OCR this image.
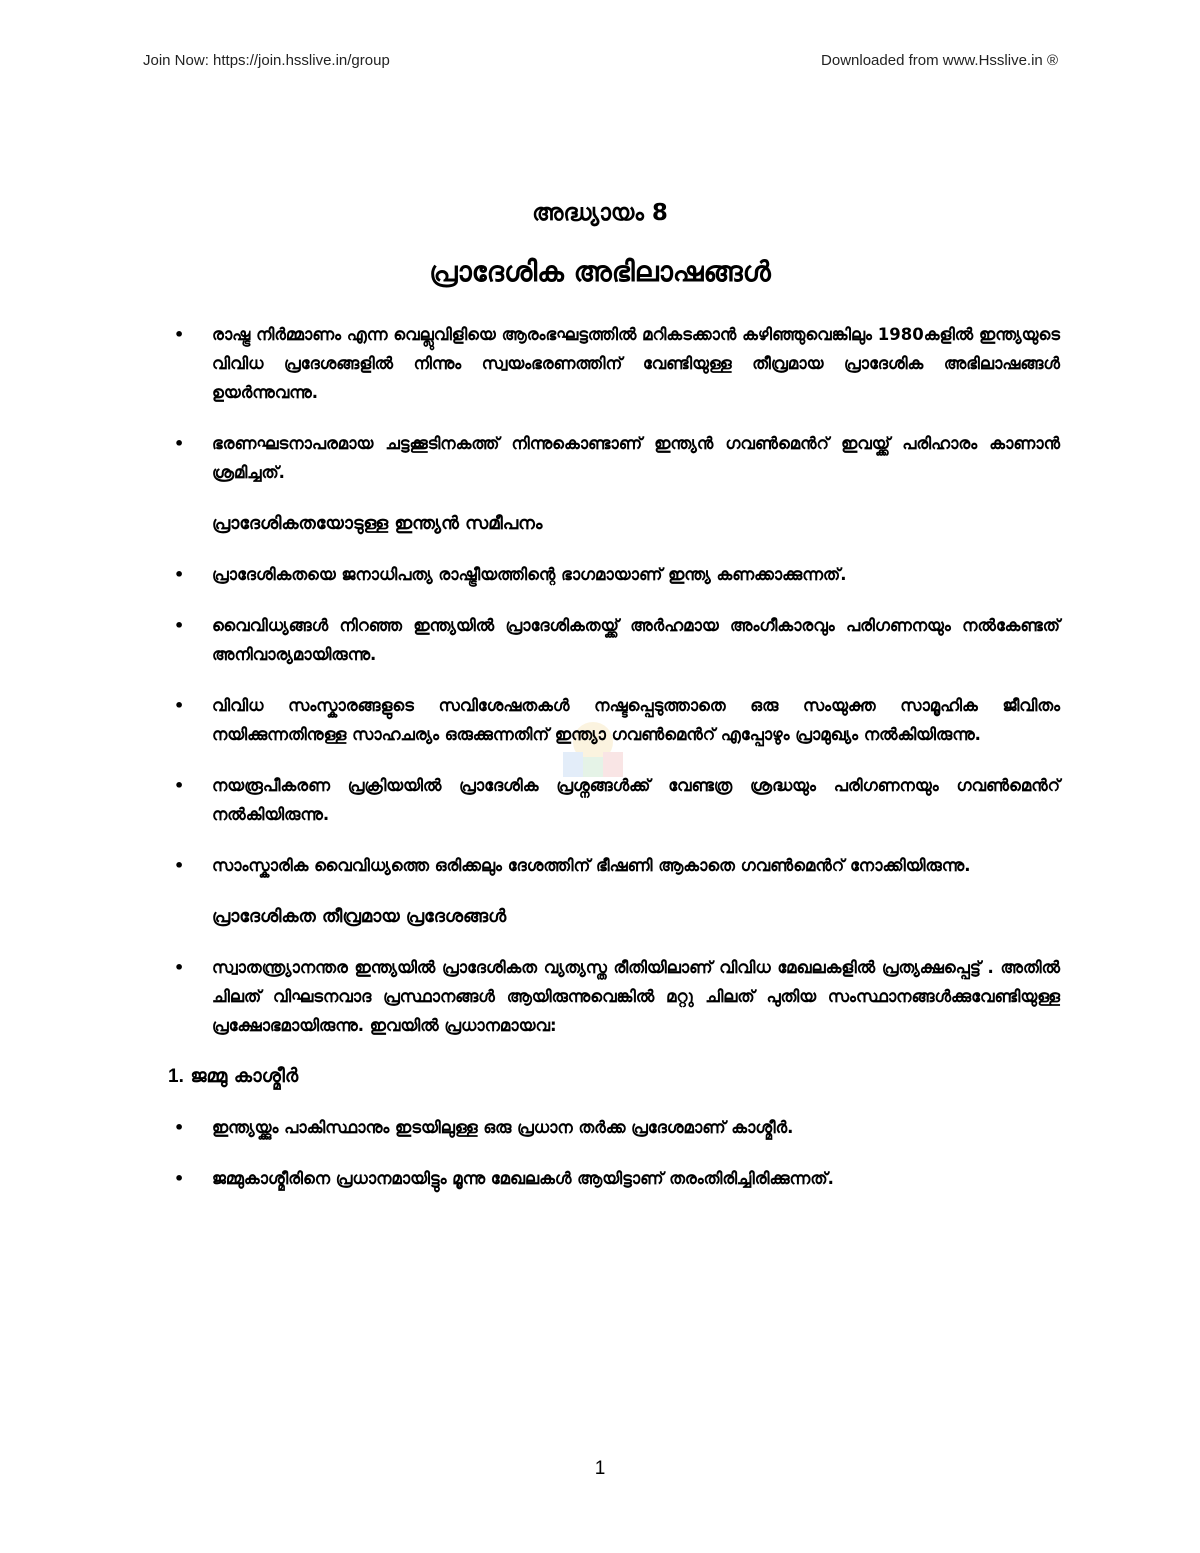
Join Now: https://join.hsslive.in/group	Downloaded from www.Hsslive.in ®
അദ്ധ്യായം 8
പ്രാദേശിക അഭിലാഷങ്ങൾ
• രാഷ്ട്ര നിർമ്മാണം എന്ന വെല്ലുവിളിയെ ആരംഭഘട്ടത്തിൽ മറികടക്കാൻ കഴിഞ്ഞുവെങ്കിലും 1980കളിൽ ഇന്ത്യയുടെ വിവിധ പ്രദേശങ്ങളിൽ നിന്നും സ്വയംഭരണത്തിന് വേണ്ടിയുള്ള തീവ്രമായ പ്രാദേശിക അഭിലാഷങ്ങൾ ഉയർന്നുവന്നു.
• ഭരണഘടനാപരമായ ചട്ടക്കൂടിനകത്ത് നിന്നുകൊണ്ടാണ് ഇന്ത്യൻ ഗവൺമെൻറ് ഇവയ്ക്ക് പരിഹാരം കാണാൻ ശ്രമിച്ചത്.
പ്രാദേശികതയോടുള്ള ഇന്ത്യൻ സമീപനം
• പ്രാദേശികതയെ ജനാധിപത്യ രാഷ്ട്രീയത്തിന്റെ ഭാഗമായാണ് ഇന്ത്യ കണക്കാക്കുന്നത്.
• വൈവിധ്യങ്ങൾ നിറഞ്ഞ ഇന്ത്യയിൽ പ്രാദേശികതയ്ക്ക് അർഹമായ അംഗീകാരവും പരിഗണനയും നൽകേണ്ടത് അനിവാര്യമായിരുന്നു.
• വിവിധ സംസ്കാരങ്ങളുടെ സവിശേഷതകൾ നഷ്ടപ്പെടുത്താതെ ഒരു സംയുക്ത സാമൂഹിക ജീവിതം നയിക്കുന്നതിനുള്ള സാഹചര്യം ഒരുക്കുന്നതിന് ഇന്ത്യാ ഗവൺമെൻറ് എപ്പോഴും പ്രാമുഖ്യം നൽകിയിരുന്നു.
• നയരൂപീകരണ പ്രക്രിയയിൽ പ്രാദേശിക പ്രശ്നങ്ങൾക്ക് വേണ്ടത്ര ശ്രദ്ധയും പരിഗണനയും ഗവൺമെൻറ് നൽകിയിരുന്നു.
• സാംസ്കാരിക വൈവിധ്യത്തെ ഒരിക്കലും ദേശത്തിന് ഭീഷണി ആകാതെ ഗവൺമെൻറ് നോക്കിയിരുന്നു.
പ്രാദേശികത തീവ്രമായ പ്രദേശങ്ങൾ
• സ്വാതന്ത്ര്യാനന്തര ഇന്ത്യയിൽ പ്രാദേശികത വ്യത്യസ്ത രീതിയിലാണ് വിവിധ മേഖലകളിൽ പ്രത്യക്ഷപ്പെട്ട് . അതിൽ ചിലത് വിഘടനവാദ പ്രസ്ഥാനങ്ങൾ ആയിരുന്നുവെങ്കിൽ മറ്റു ചിലത് പുതിയ സംസ്ഥാനങ്ങൾക്കുവേണ്ടിയുള്ള പ്രക്ഷോഭമായിരുന്നു. ഇവയിൽ പ്രധാനമായവ:
1. ജമ്മു കാശ്മീർ
• ഇന്ത്യയ്ക്കും പാകിസ്ഥാനും ഇടയിലുള്ള ഒരു പ്രധാന തർക്ക പ്രദേശമാണ് കാശ്മീർ.
• ജമ്മുകാശ്മീരിനെ പ്രധാനമായിട്ടും മൂന്നു മേഖലകൾ ആയിട്ടാണ് തരംതിരിച്ചിരിക്കുന്നത്.
1
